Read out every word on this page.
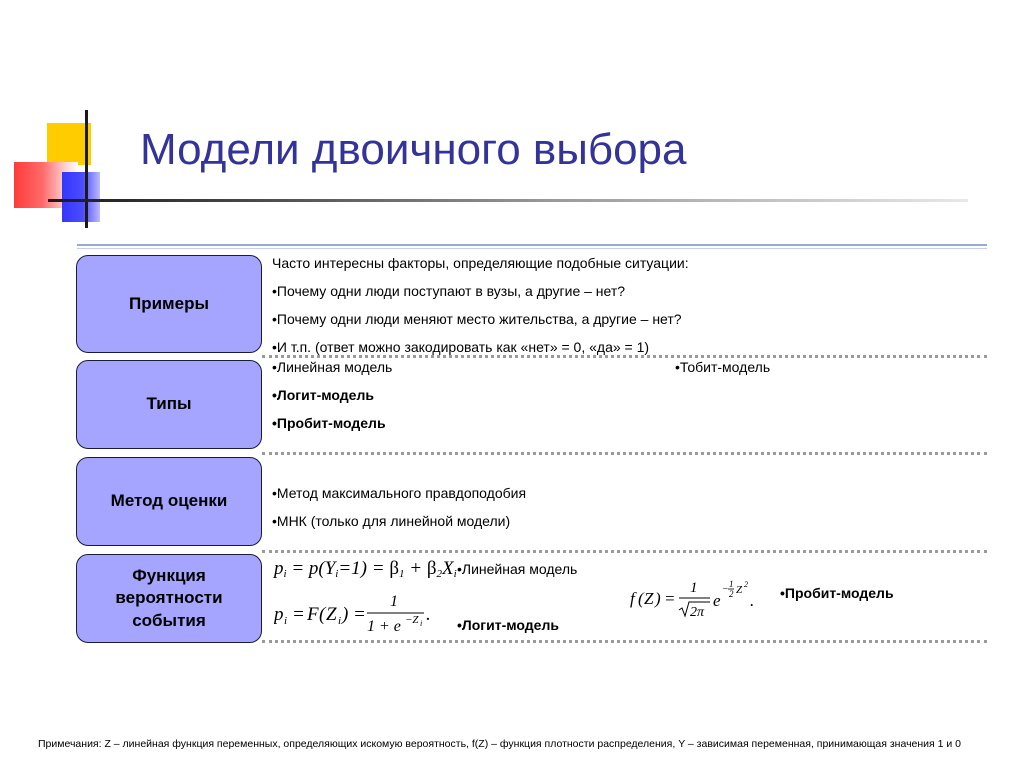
Модели двоичного выбора
Примеры
Часто интересны факторы, определяющие подобные ситуации:
•Почему одни люди поступают в вузы, а другие – нет?
•Почему одни люди меняют место жительства, а другие – нет?
•И т.п. (ответ можно закодировать как «нет» = 0, «да» = 1)
Типы
•Линейная модель
•Логит-модель
•Пробит-модель
•Тобит-модель
Метод оценки	•Метод максимального правдоподобия
•МНК (только для линейной модели)
Функция вероятности события
$p_i = p(Y_i=1) = \beta_1 + \beta_2X_i$ •Линейная модель
p i = F ( Z i ) =
1
1 + e −Z i . •Логит-модель
f ( Z ) =
1
2π
e
− 1
2 Z 2
. •Пробит-модель
Примечания: Z – линейная функция переменных, определяющих искомую вероятность, f(Z) – функция плотности распределения, Y – зависимая переменная, принимающая значения 1 и 0
